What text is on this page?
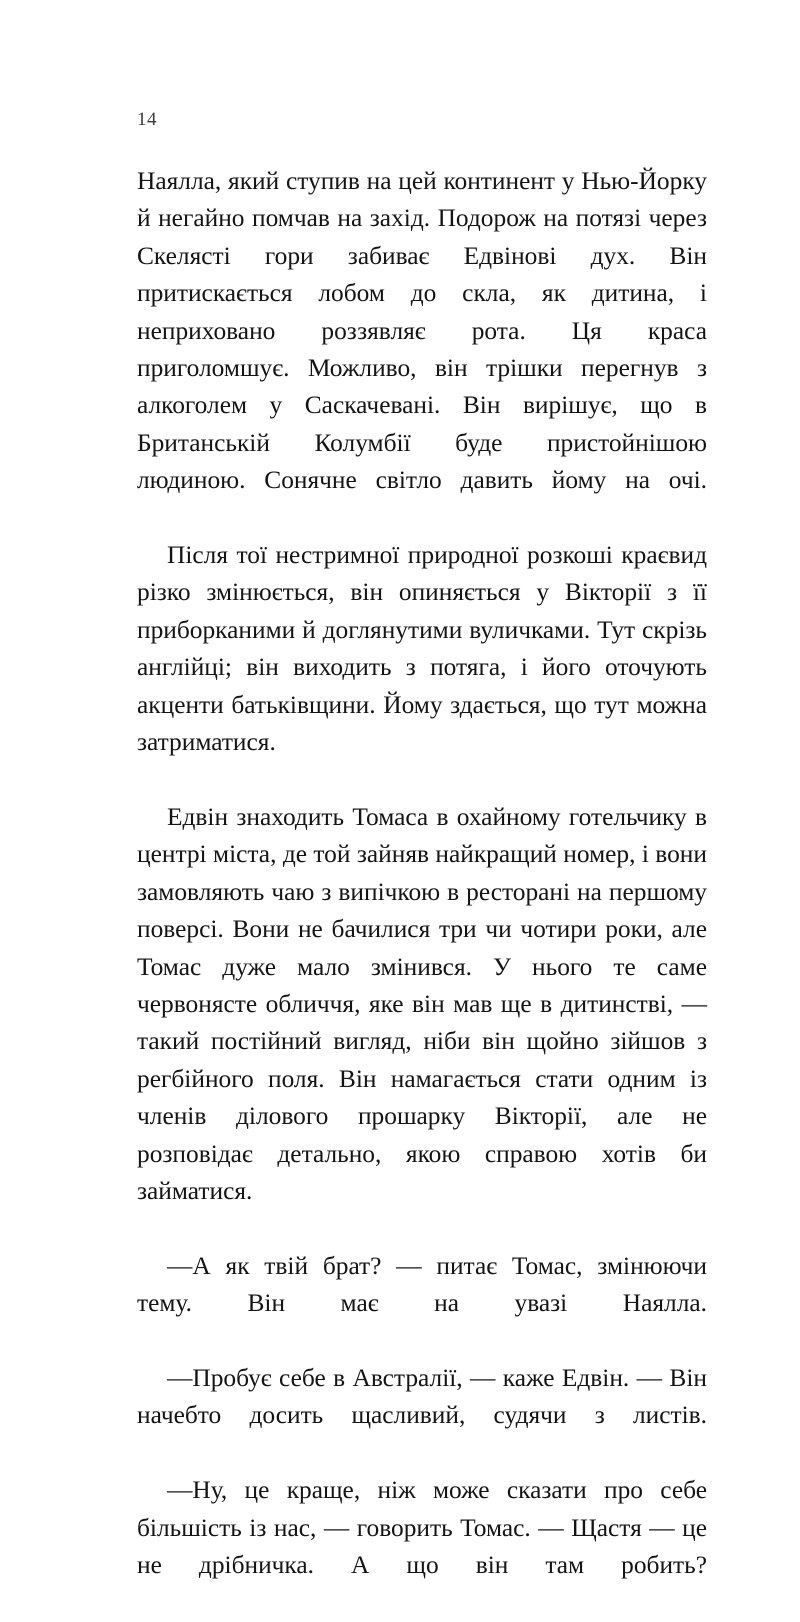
14

Наялла, який ступив на цей континент у Нью-Йорку й негайно помчав на захід. Подорож на потязі через Скелясті гори забиває Едвінові дух. Він притискається лобом до скла, як дитина, і неприховано роззявляє рота. Ця краса приголомшує. Можливо, він трішки перегнув з алкоголем у Саскачевані. Він вирішує, що в Британській Колумбії буде пристойнішою людиною. Сонячне світло давить йому на очі.

Після тої нестримної природної розкоші краєвид різко змінюється, він опиняється у Вікторії з її приборканими й доглянутими вуличками. Тут скрізь англійці; він виходить з потяга, і його оточують акценти батьківщини. Йому здається, що тут можна затриматися.

Едвін знаходить Томаса в охайному готельчику в центрі міста, де той зайняв найкращий номер, і вони замовляють чаю з випічкою в ресторані на першому поверсі. Вони не бачилися три чи чотири роки, але Томас дуже мало змінився. У нього те саме червонясте обличчя, яке він мав ще в дитинстві, — такий постійний вигляд, ніби він щойно зійшов з регбійного поля. Він намагається стати одним із членів ділового прошарку Вікторії, але не розповідає детально, якою справою хотів би займатися.

—А як твій брат? — питає Томас, змінюючи тему. Він має на увазі Наялла.

—Пробує себе в Австралії, — каже Едвін. — Він начебто досить щасливий, судячи з листів.

—Ну, це краще, ніж може сказати про себе більшість із нас, — говорить Томас. — Щастя — це не дрібничка. А що він там робить?
